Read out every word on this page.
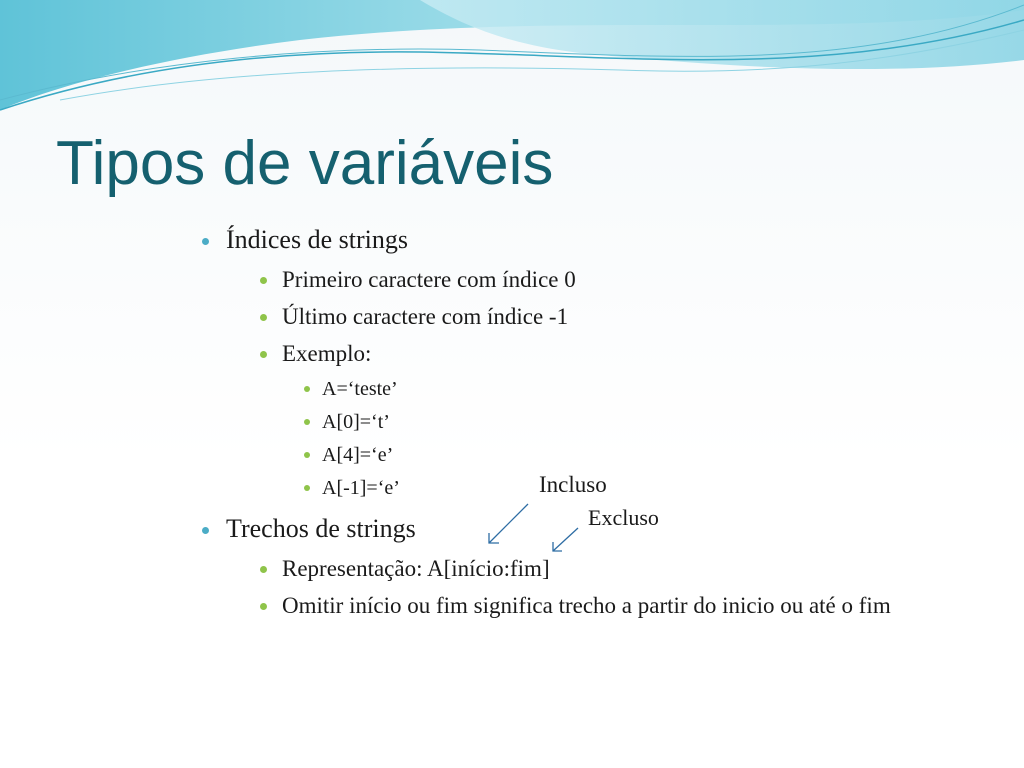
Tipos de variáveis
Índices de strings
Primeiro caractere com índice 0
Último caractere com índice -1
Exemplo:
A=‘teste’
A[0]=‘t’
A[4]=‘e’
A[-1]=‘e’
Trechos de strings
Representação: A[início:fim]
Omitir início ou fim significa trecho a partir do inicio ou até o fim
Incluso
Excluso
